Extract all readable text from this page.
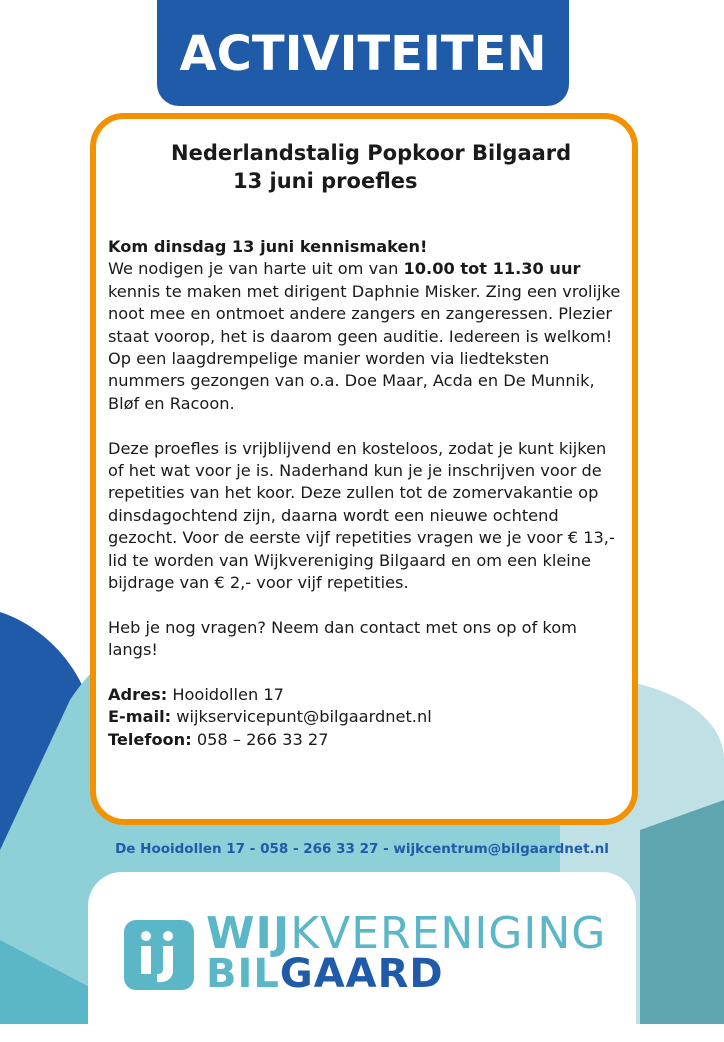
ACTIVITEITEN
Nederlandstalig Popkoor Bilgaard
13 juni proefles

Kom dinsdag 13 juni kennismaken!
We nodigen je van harte uit om van 10.00 tot 11.30 uur kennis te maken met dirigent Daphnie Misker. Zing een vrolijke noot mee en ontmoet andere zangers en zangeressen. Plezier staat voorop, het is daarom geen auditie. Iedereen is welkom! Op een laagdrempelige manier worden via liedteksten nummers gezongen van o.a. Doe Maar, Acda en De Munnik, Bløf en Racoon.

Deze proefles is vrijblijvend en kosteloos, zodat je kunt kijken of het wat voor je is. Naderhand kun je je inschrijven voor de repetities van het koor. Deze zullen tot de zomervakantie op dinsdagochtend zijn, daarna wordt een nieuwe ochtend gezocht. Voor de eerste vijf repetities vragen we je voor € 13,- lid te worden van Wijkvereniging Bilgaard en om een kleine bijdrage van € 2,- voor vijf repetities.

Heb je nog vragen? Neem dan contact met ons op of kom langs!

Adres: Hooidollen 17
E-mail: wijkservicepunt@bilgaardnet.nl
Telefoon: 058 – 266 33 27
De Hooidollen 17 - 058 - 266 33 27 - wijkcentrum@bilgaardnet.nl
WIJKVERENIGING
BILGAARD
